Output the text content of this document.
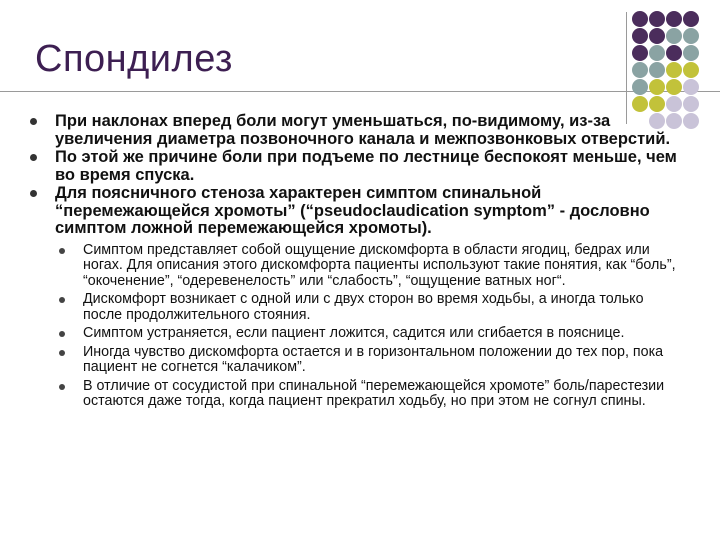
Спондилез
При наклонах вперед боли могут уменьшаться, по-видимому, из-за увеличения диаметра позвоночного канала и межпозвонковых отверстий.
По этой же причине боли при подъеме по лестнице беспокоят меньше, чем во время спуска.
Для поясничного стеноза характерен симптом спинальной “перемежающейся хромоты” (“pseudoclaudication symptom” - дословно симптом ложной перемежающейся хромоты).
Симптом представляет собой ощущение дискомфорта в области ягодиц, бедрах или ногах. Для описания этого дискомфорта пациенты используют такие понятия, как “боль”, “окоченение”, “одеревенелость” или “слабость”, “ощущение ватных ног“.
Дискомфорт возникает с одной или с двух сторон во время ходьбы, а иногда только после продолжительного стояния.
Симптом устраняется, если пациент ложится, садится или сгибается в пояснице.
Иногда чувство дискомфорта остается и в горизонтальном положении до тех пор, пока пациент не согнется “калачиком”.
В отличие от сосудистой при спинальной “перемежающейся хромоте” боль/парестезии остаются даже тогда, когда пациент прекратил ходьбу, но при этом не согнул спины.
